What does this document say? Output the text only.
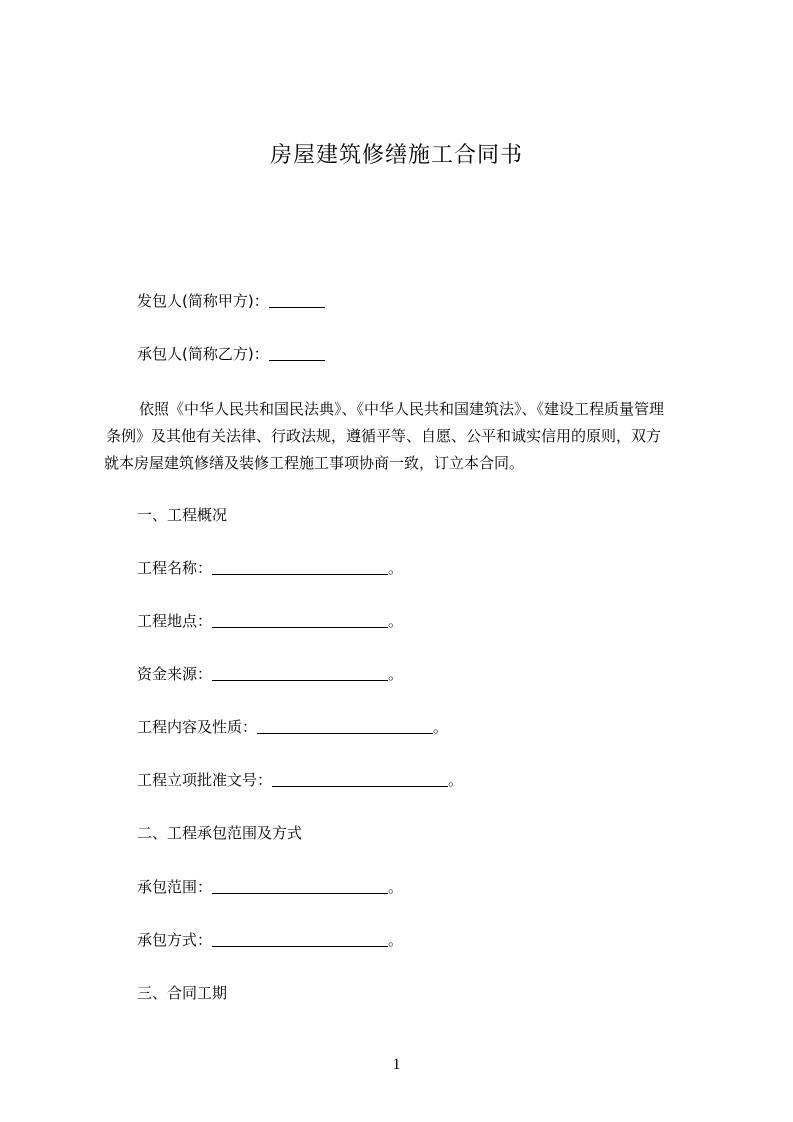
房屋建筑修缮施工合同书
发包人(简称甲方)：
承包人(简称乙方)：
依照《中华人民共和国民法典》、《中华人民共和国建筑法》、《建设工程质量管理
条例》及其他有关法律、行政法规，遵循平等、自愿、公平和诚实信用的原则，双方
就本房屋建筑修缮及装修工程施工事项协商一致，订立本合同。
一、工程概况
工程名称：	。
工程地点：	。
资金来源：	。
工程内容及性质：	。
工程立项批准文号：	。
二、工程承包范围及方式
承包范围：	。
承包方式：	。
三、合同工期
1
